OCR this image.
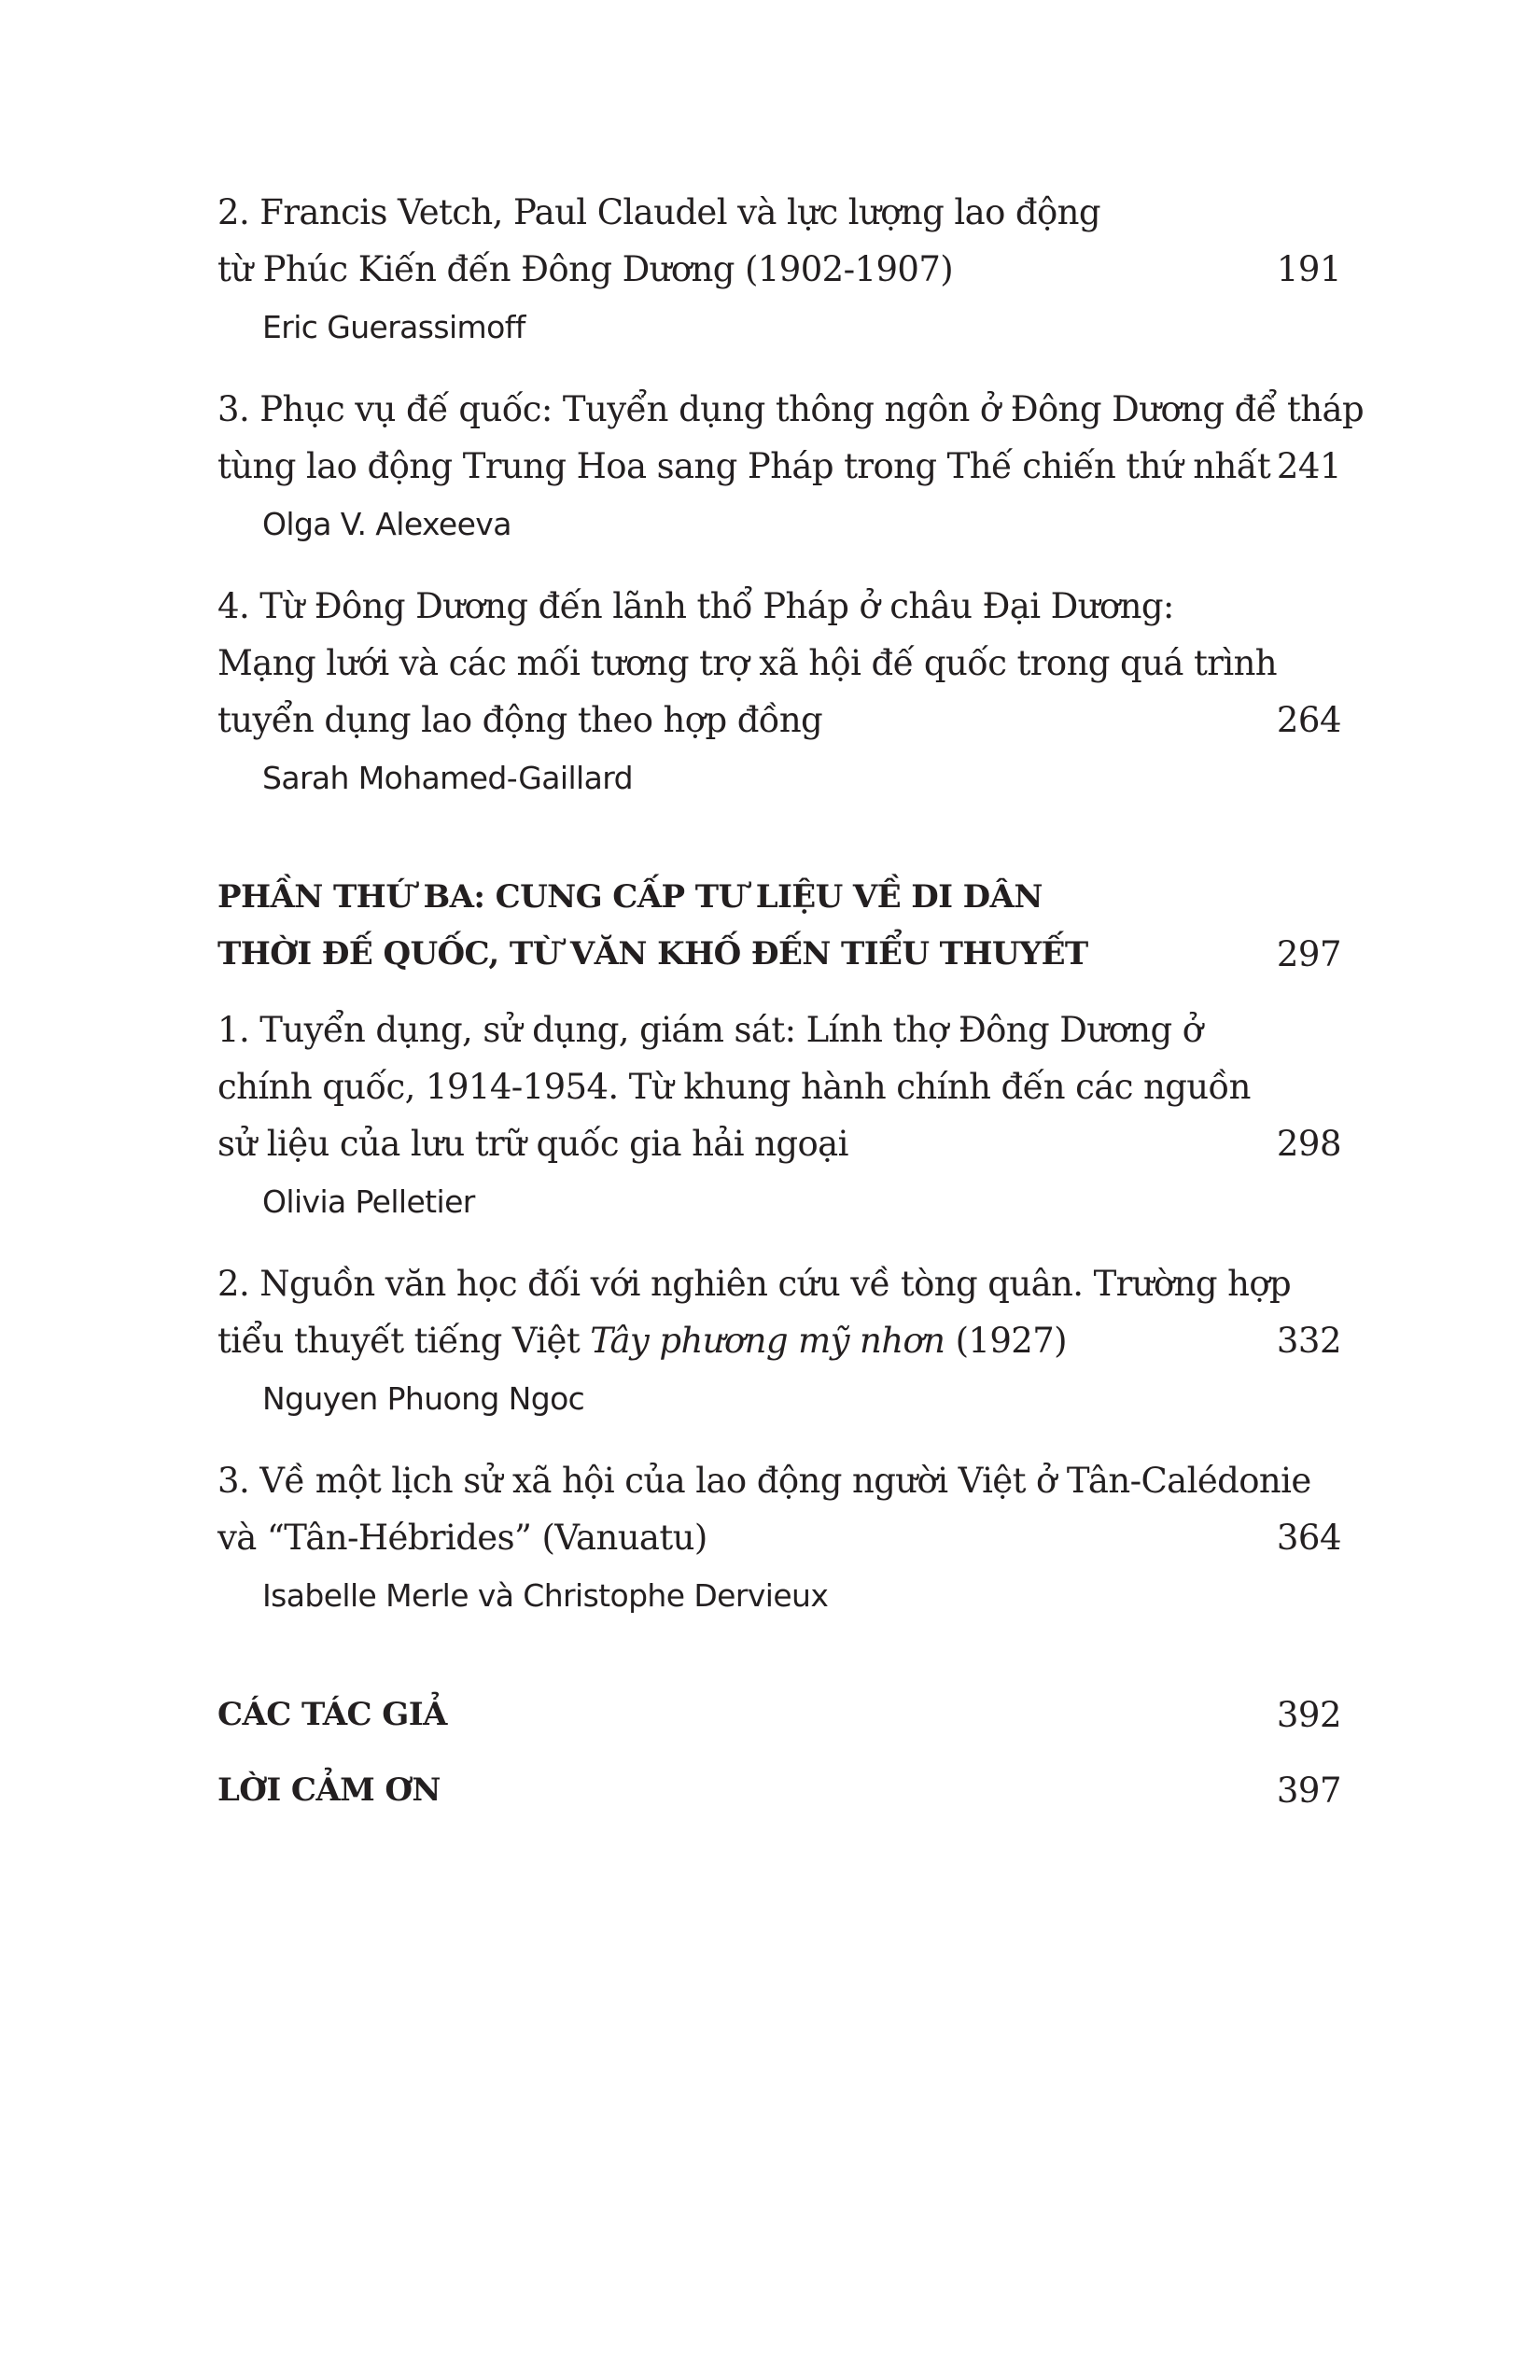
2. Francis Vetch, Paul Claudel và lực lượng lao động
từ Phúc Kiến đến Đông Dương (1902-1907)	191
Eric Guerassimoff
3. Phục vụ đế quốc: Tuyển dụng thông ngôn ở Đông Dương để tháp
tùng lao động Trung Hoa sang Pháp trong Thế chiến thứ nhất 241
Olga V. Alexeeva
4. Từ Đông Dương đến lãnh thổ Pháp ở châu Đại Dương:
Mạng lưới và các mối tương trợ xã hội đế quốc trong quá trình
tuyển dụng lao động theo hợp đồng	264
Sarah Mohamed-Gaillard
PHẦN THỨ BA: CUNG CẤP TƯ LIỆU VỀ DI DÂN
THỜI ĐẾ QUỐC, TỪ VĂN KHỐ ĐẾN TIỂU THUYẾT	297
1. Tuyển dụng, sử dụng, giám sát: Lính thợ Đông Dương ở
chính quốc, 1914-1954. Từ khung hành chính đến các nguồn
sử liệu của lưu trữ quốc gia hải ngoại	298
Olivia Pelletier
2. Nguồn văn học đối với nghiên cứu về tòng quân. Trường hợp
tiểu thuyết tiếng Việt Tây phương mỹ nhơn (1927)	332
Nguyen Phuong Ngoc
3. Về một lịch sử xã hội của lao động người Việt ở Tân-Calédonie
và “Tân-Hébrides” (Vanuatu)	364
Isabelle Merle và Christophe Dervieux
CÁC TÁC GIẢ	392
LỜI CẢM ƠN	397
